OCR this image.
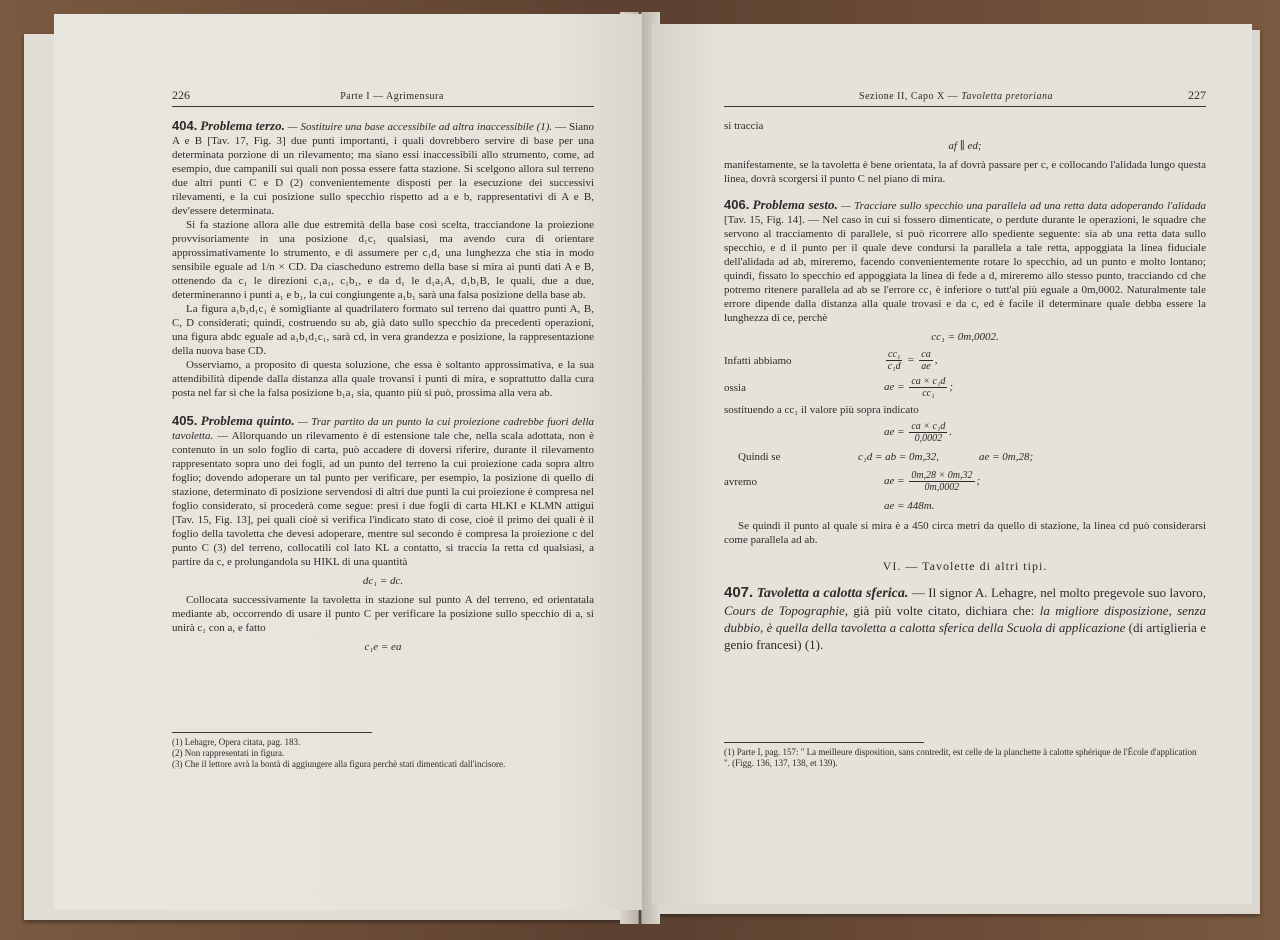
226	Parte I — Agrimensura

404. Problema terzo. — Sostituire una base accessibile ad altra inaccessibile (1). — Siano A e B [Tav. 17, Fig. 3] due punti importanti, i quali dovrebbero servire di base per una determinata porzione di un rilevamento; ma siano essi inaccessibili allo strumento, come, ad esempio, due campanili sui quali non possa essere fatta stazione. Si scelgono allora sul terreno due altri punti C e D (2) convenientemente disposti per la esecuzione dei successivi rilevamenti, e la cui posizione sullo specchio rispetto ad a e b, rappresentativi di A e B, dev'essere determinata.

Si fa stazione allora alle due estremità della base così scelta, tracciandone la proiezione provvisoriamente in una posizione d₁c₁ qualsiasi, ma avendo cura di orientare approssimativamente lo strumento, e di assumere per c₁d₁ una lunghezza che stia in modo sensibile eguale ad 1/n × CD. Da ciascheduno estremo della base si mira ai punti dati A e B, ottenendo da c₁ le direzioni c₁a₁, c₁b₁, e da d₁ le d₁a₁A, d₁b₁B, le quali, due a due, determineranno i punti a₁ e b₁, la cui congiungente a₁b₁ sarà una falsa posizione della base ab.

La figura a₁b₁d₁c₁ è somigliante al quadrilatero formato sul terreno dai quattro punti A, B, C, D considerati; quindi, costruendo su ab, già dato sullo specchio da precedenti operazioni, una figura abdc eguale ad a₁b₁d₁c₁, sarà cd, in vera grandezza e posizione, la rappresentazione della nuova base CD.

Osserviamo, a proposito di questa soluzione, che essa è soltanto approssimativa, e la sua attendibilità dipende dalla distanza alla quale trovansi i punti di mira, e soprattutto dalla cura posta nel far sì che la falsa posizione b₁a₁ sia, quanto più si può, prossima alla vera ab.

405. Problema quinto. — Trar partito da un punto la cui proiezione cadrebbe fuori della tavoletta. — Allorquando un rilevamento è di estensione tale che, nella scala adottata, non è contenuto in un solo foglio di carta, può accadere di doversi riferire, durante il rilevamento rappresentato sopra uno dei fogli, ad un punto del terreno la cui proiezione cada sopra altro foglio; dovendo adoperare un tal punto per verificare, per esempio, la posizione di quello di stazione, determinato di posizione servendosi di altri due punti la cui proiezione è compresa nel foglio considerato, si procederà come segue: presi i due fogli di carta HLKI e KLMN attigui [Tav. 15, Fig. 13], pei quali cioè si verifica l'indicato stato di cose, cioè il primo dei quali è il foglio della tavoletta che devesi adoperare, mentre sul secondo è compresa la proiezione c del punto C (3) del terreno, collocatili col lato KL a contatto, si traccia la retta cd qualsiasi, a partire da c, e prolungandola su HIKL di una quantità

dc₁ = dc.

Collocata successivamente la tavoletta in stazione sul punto A del terreno, ed orientatala mediante ab, occorrendo di usare il punto C per verificare la posizione sullo specchio di a, si unirà c₁ con a, e fatto

c₁e = ea
(1) Lehagre, Opera citata, pag. 183.
(2) Non rappresentati in figura.
(3) Che il lettore avrà la bontà di aggiungere alla figura perchè stati dimenticati dall'incisore.
Sezione II, Capo X — Tavoletta pretoriana	227

si traccia

af ∥ ed;

manifestamente, se la tavoletta è bene orientata, la af dovrà passare per c, e collocando l'alidada lungo questa linea, dovrà scorgersi il punto C nel piano di mira.

406. Problema sesto. — Tracciare sullo specchio una parallela ad una retta data adoperando l'alidada [Tav. 15, Fig. 14]. — Nel caso in cui si fossero dimenticate, o perdute durante le operazioni, le squadre che servono al tracciamento di parallele, si può ricorrere allo spediente seguente: sia ab una retta data sullo specchio, e d il punto per il quale deve condursi la parallela a tale retta, appoggiata la linea fiduciale dell'alidada ad ab, mireremo, facendo convenientemente rotare lo specchio, ad un punto e molto lontano; quindi, fissato lo specchio ed appoggiata la linea di fede a d, mireremo allo stesso punto, tracciando cd che potremo ritenere parallela ad ab se l'errore cc₁ è inferiore o tutt'al più eguale a 0m,0002. Naturalmente tale errore dipende dalla distanza alla quale trovasi e da c, ed è facile il determinare quale debba essere la lunghezza di ce, perchè

cc₁ = 0m,0002.
Infatti abbiamo	$\frac{\text{cc₁}}{\text{c₁d}} = \frac{ca}{ae}$ ,
ossia	ae = $\frac{\text{ca × c₁d}}{\text{cc₁}}$ ;

sostituendo a cc₁ il valore più sopra indicato

ae = $\frac{\text{ca × c₁d}}{0,0002}$ .
Quindi se	c₁d = ab = 0m,32,	ae = 0m,28;
avremo	ae = $\frac{0m,28 \times 0m,32}{0m,0002}$ ;
ae = 448m.

Se quindi il punto al quale si mira è a 450 circa metri da quello di stazione, la linea cd può considerarsi come parallela ad ab.

VI. — Tavolette di altri tipi.

407. Tavoletta a calotta sferica. — Il signor A. Lehagre, nel molto pregevole suo lavoro, Cours de Topographie, già più volte citato, dichiara che: la migliore disposizione, senza dubbio, è quella della tavoletta a calotta sferica della Scuola di applicazione (di artiglieria e genio francesi) (1).

(1) Parte I, pag. 157: " La meilleure disposition, sans contredit, est celle de la planchette à calotte sphérique de l'École d'application ". (Figg. 136, 137, 138, et 139).
